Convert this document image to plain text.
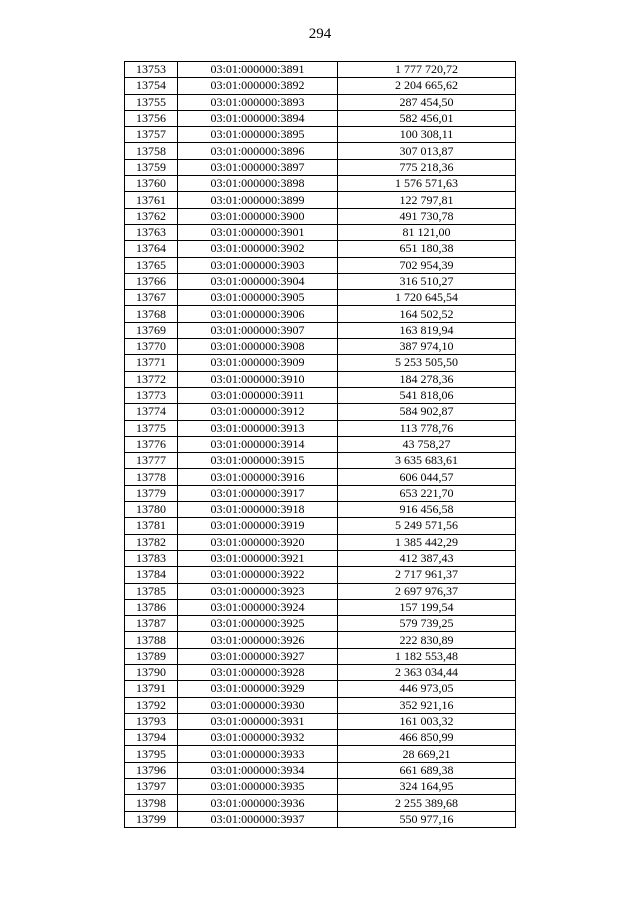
294
13753	03:01:000000:3891	1 777 720,72
13754	03:01:000000:3892	2 204 665,62
13755	03:01:000000:3893	287 454,50
13756	03:01:000000:3894	582 456,01
13757	03:01:000000:3895	100 308,11
13758	03:01:000000:3896	307 013,87
13759	03:01:000000:3897	775 218,36
13760	03:01:000000:3898	1 576 571,63
13761	03:01:000000:3899	122 797,81
13762	03:01:000000:3900	491 730,78
13763	03:01:000000:3901	81 121,00
13764	03:01:000000:3902	651 180,38
13765	03:01:000000:3903	702 954,39
13766	03:01:000000:3904	316 510,27
13767	03:01:000000:3905	1 720 645,54
13768	03:01:000000:3906	164 502,52
13769	03:01:000000:3907	163 819,94
13770	03:01:000000:3908	387 974,10
13771	03:01:000000:3909	5 253 505,50
13772	03:01:000000:3910	184 278,36
13773	03:01:000000:3911	541 818,06
13774	03:01:000000:3912	584 902,87
13775	03:01:000000:3913	113 778,76
13776	03:01:000000:3914	43 758,27
13777	03:01:000000:3915	3 635 683,61
13778	03:01:000000:3916	606 044,57
13779	03:01:000000:3917	653 221,70
13780	03:01:000000:3918	916 456,58
13781	03:01:000000:3919	5 249 571,56
13782	03:01:000000:3920	1 385 442,29
13783	03:01:000000:3921	412 387,43
13784	03:01:000000:3922	2 717 961,37
13785	03:01:000000:3923	2 697 976,37
13786	03:01:000000:3924	157 199,54
13787	03:01:000000:3925	579 739,25
13788	03:01:000000:3926	222 830,89
13789	03:01:000000:3927	1 182 553,48
13790	03:01:000000:3928	2 363 034,44
13791	03:01:000000:3929	446 973,05
13792	03:01:000000:3930	352 921,16
13793	03:01:000000:3931	161 003,32
13794	03:01:000000:3932	466 850,99
13795	03:01:000000:3933	28 669,21
13796	03:01:000000:3934	661 689,38
13797	03:01:000000:3935	324 164,95
13798	03:01:000000:3936	2 255 389,68
13799	03:01:000000:3937	550 977,16
